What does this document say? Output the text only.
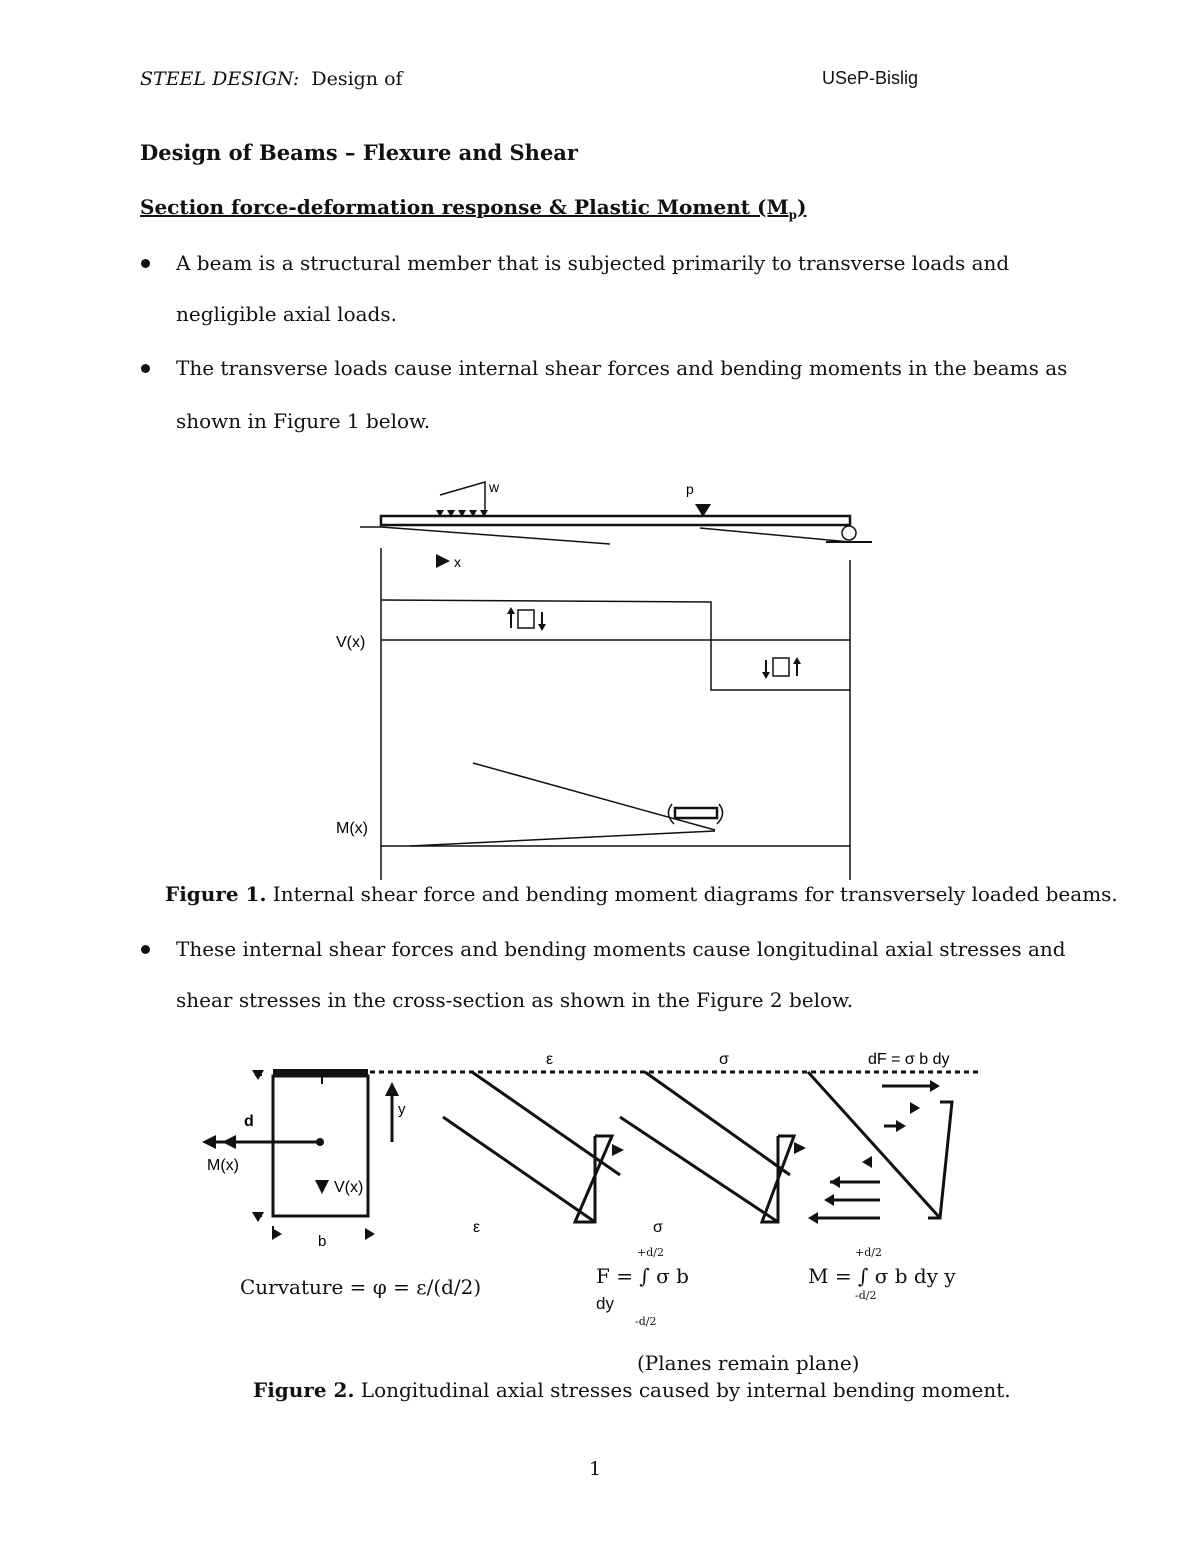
STEEL DESIGN: Design of	USeP-Bislig
Design of Beams – Flexure and Shear
Section force-deformation response & Plastic Moment $(M_p)$
A beam is a structural member that is subjected primarily to transverse loads and
negligible axial loads.
The transverse loads cause internal shear forces and bending moments in the beams as
shown in Figure 1 below.
w	p
x
V(x)
M(x)
Figure 1. Internal shear force and bending moment diagrams for transversely loaded beams.
These internal shear forces and bending moments cause longitudinal axial stresses and
shear stresses in the cross-section as shown in the Figure 2 below.
d
M(x)
V(x)
b
y
ε	σ	dF = σ b dy
ε	σ
Curvature = φ = ε/(d/2)
+d/2
F = ∫ σ b
dy
-d/2
+d/2
M = ∫ σ b dy y
-d/2
(Planes remain plane)
Figure 2. Longitudinal axial stresses caused by internal bending moment.
1
